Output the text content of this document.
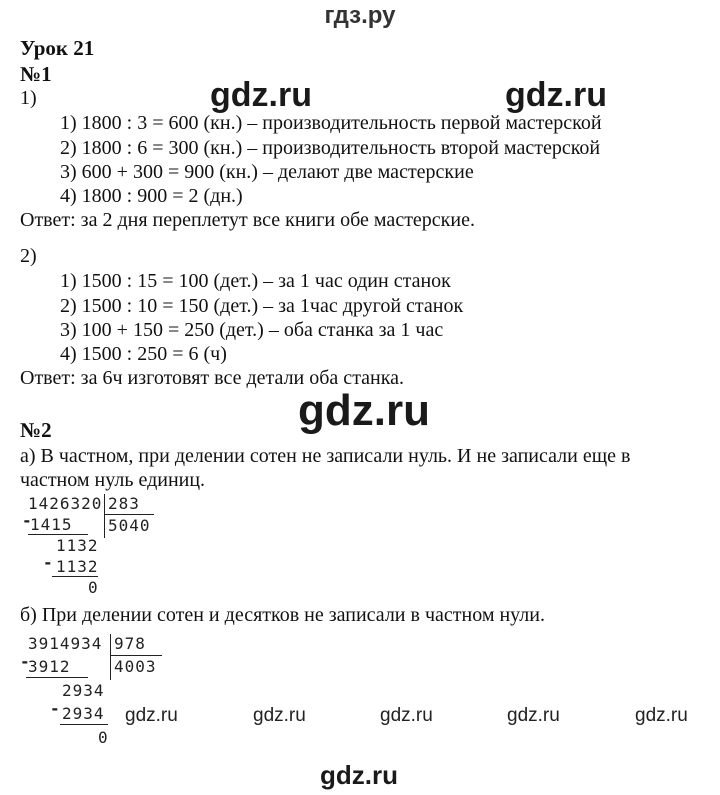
гдз.ру
gdz.ru	gdz.ru
gdz.ru
gdz.ru	gdz.ru	gdz.ru	gdz.ru	gdz.ru
gdz.ru
Урок 21
№1
1)
1) 1800 : 3 = 600 (кн.) – производительность первой мастерской
2) 1800 : 6 = 300 (кн.) – производительность второй мастерской
3) 600 + 300 = 900 (кн.) – делают две мастерские
4) 1800 : 900 = 2 (дн.)
Ответ: за 2 дня переплетут все книги обе мастерские.
2)
1) 1500 : 15 = 100 (дет.) – за 1 час один станок
2) 1500 : 10 = 150 (дет.) – за 1час другой станок
3) 100 + 150 = 250 (дет.) – оба станка за 1 час
4) 1500 : 250 = 6 (ч)
Ответ: за 6ч изготовят все детали оба станка.
№2
а) В частном, при делении сотен не записали нуль. И не записали еще в
частном нуль единиц.
1426320 283
-
1415 5040
1132
- 1132
0
б) При делении сотен и десятков не записали в частном нули.
3914934 978
-
3912	4003
2934
- 2934
0
